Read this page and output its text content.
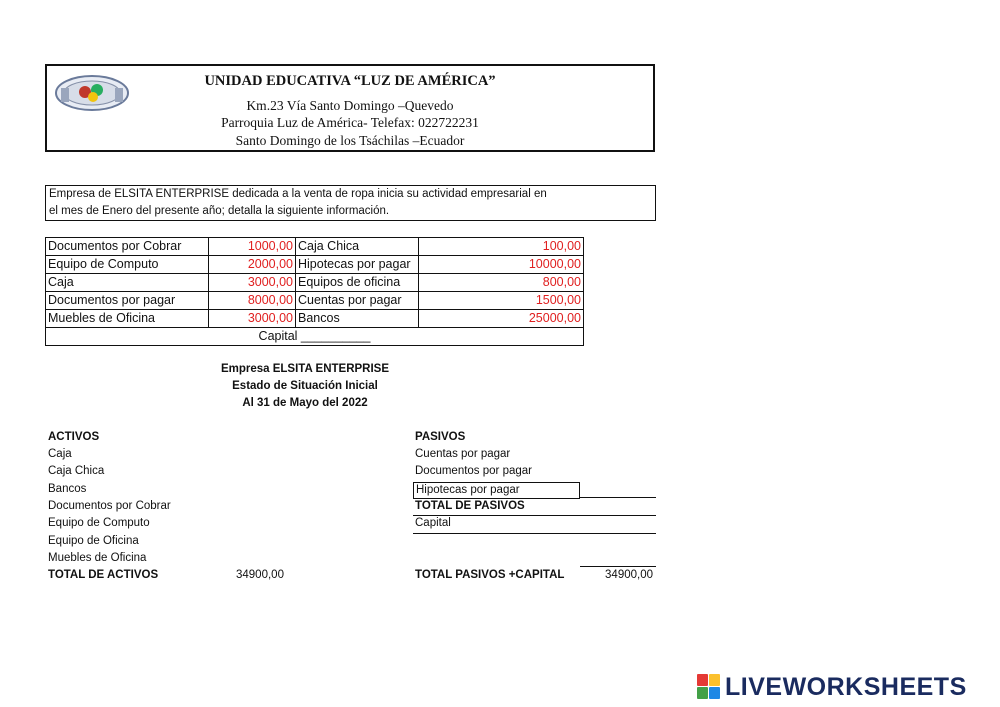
UNIDAD EDUCATIVA “LUZ DE AMÉRICA”
Km.23 Vía Santo Domingo –Quevedo
Parroquia Luz de América- Telefax: 022722231
Santo Domingo de los Tsáchilas –Ecuador
Empresa de ELSITA ENTERPRISE dedicada a la venta de ropa inicia su actividad empresarial en
el mes de Enero del presente año; detalla la siguiente información.
Documentos por Cobrar	1000,00	Caja Chica	100,00
Equipo de Computo	2000,00	Hipotecas por pagar	10000,00
Caja	3000,00	Equipos de oficina	800,00
Documentos por pagar	8000,00	Cuentas por pagar	1500,00
Muebles de Oficina	3000,00	Bancos	25000,00
Capital __________			
Empresa ELSITA ENTERPRISE
Estado de Situación Inicial
Al 31 de Mayo del 2022
ACTIVOS
Caja
Caja Chica
Bancos
Documentos por Cobrar
Equipo de Computo
Equipo de Oficina
Muebles de Oficina
TOTAL DE ACTIVOS	34900,00
PASIVOS
Cuentas por pagar
Documentos por pagar
Hipotecas por pagar
TOTAL DE PASIVOS
Capital
TOTAL PASIVOS +CAPITAL	34900,00
LIVEWORKSHEETS
